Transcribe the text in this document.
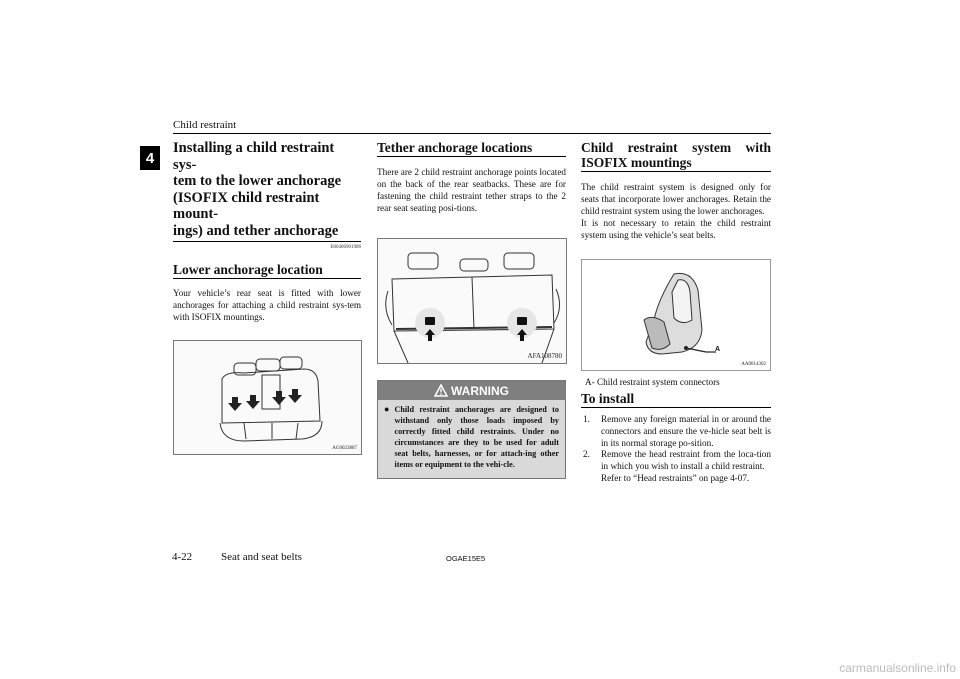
Child restraint
4
Installing a child restraint sys-
tem to the lower anchorage
(ISOFIX child restraint mount-
ings) and tether anchorage
E00406901986
Lower anchorage location

Your vehicle’s rear seat is fitted with lower anchorages for attaching a child restraint sys-tem with ISOFIX mountings.

AG0023887
Tether anchorage locations

There are 2 child restraint anchorage points located on the back of the rear seatbacks. These are for fastening the child restraint tether straps to the 2 rear seat seating posi-tions.

AFA108780
WARNING
● Child restraint anchorages are designed to withstand only those loads imposed by correctly fitted child restraints. Under no circumstances are they to be used for adult seat belts, harnesses, or for attach-ing other items or equipment to the vehi-cle.
Child restraint system with
ISOFIX mountings

The child restraint system is designed only for seats that incorporate lower anchorages. Retain the child restraint system using the lower anchorages.

It is not necessary to retain the child restraint system using the vehicle’s seat belts.

A
AA0014302
A- Child restraint system connectors
To install
1.	Remove any foreign material in or around the connectors and ensure the ve-hicle seat belt is in its normal storage po-sition.
2.	Remove the head restraint from the loca-tion in which you wish to install a child restraint.
Refer to “Head restraints” on page 4-07.
4-22	Seat and seat belts	OGAE15E5
carmanualsonline.info
